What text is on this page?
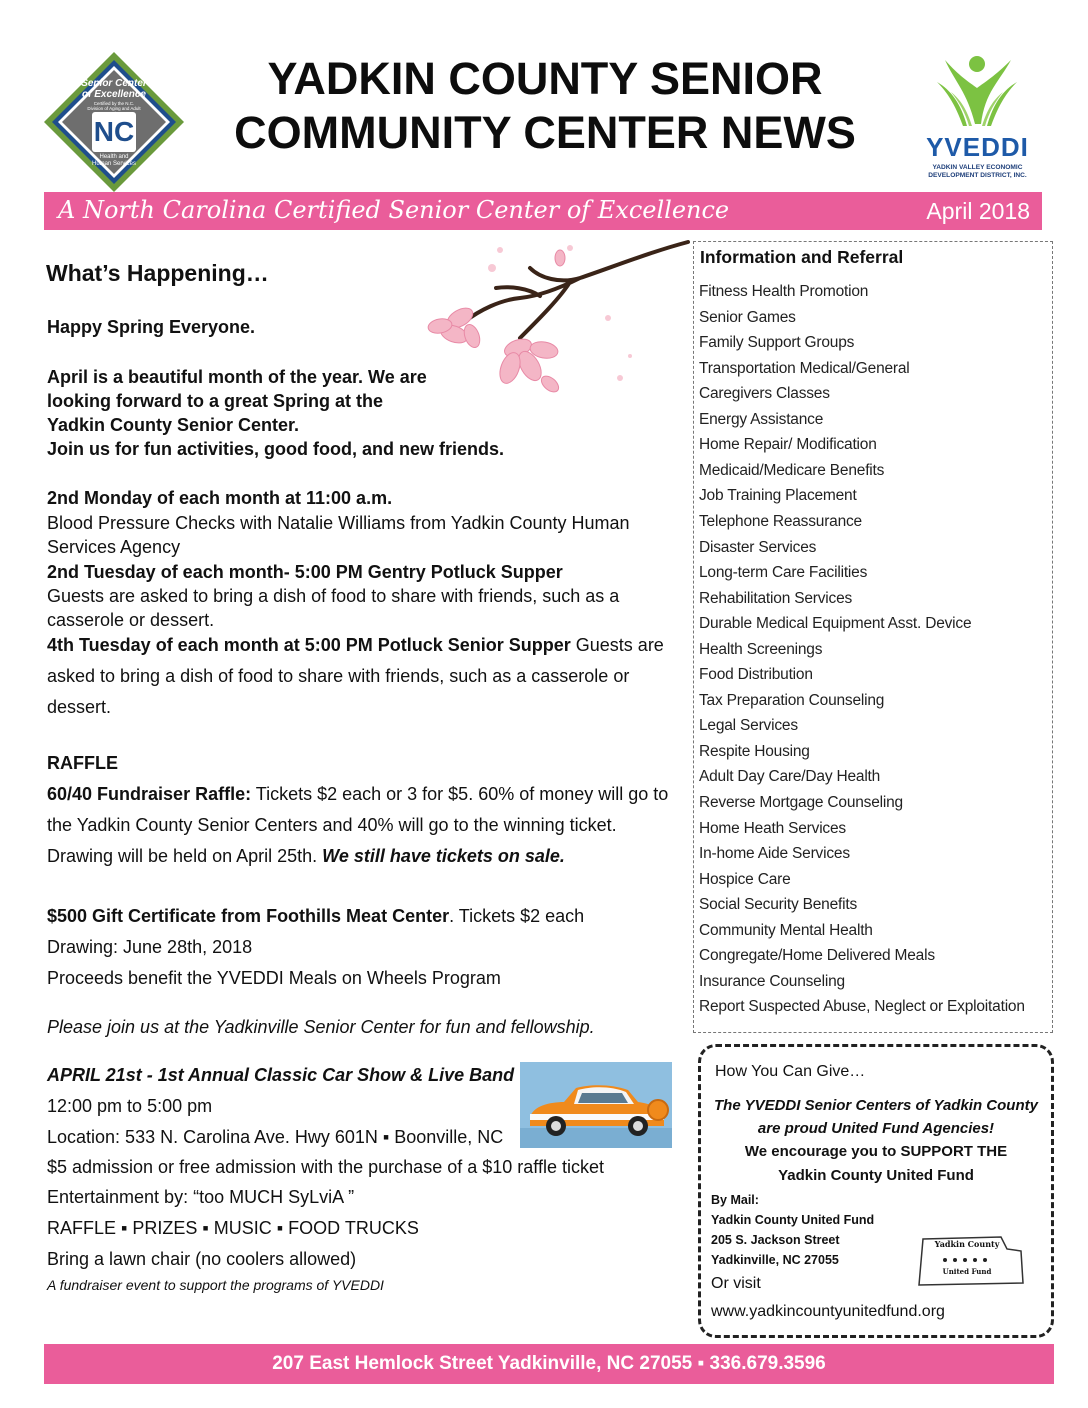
Senior Center
of Excellence
Certified by the N.C. Division of Aging and Adult
NC
Health and
Human Services
YADKIN COUNTY SENIOR
COMMUNITY CENTER NEWS	YVEDDI
YADKIN VALLEY ECONOMIC
DEVELOPMENT DISTRICT, INC.
A North Carolina Certified Senior Center of Excellence	April 2018
What’s Happening…
Happy Spring Everyone.
April is a beautiful month of the year. We are
looking forward to a great Spring at the
Yadkin County Senior Center.
Join us for fun activities, good food, and new friends.
2nd Monday of each month at 11:00 a.m.
Blood Pressure Checks with Natalie Williams from Yadkin County Human
Services Agency
2nd Tuesday of each month- 5:00 PM Gentry Potluck Supper
Guests are asked to bring a dish of food to share with friends, such as a
casserole or dessert.
4th Tuesday of each month at 5:00 PM Potluck Senior Supper Guests are
asked to bring a dish of food to share with friends, such as a casserole or
dessert.
RAFFLE
60/40 Fundraiser Raffle: Tickets $2 each or 3 for $5. 60% of money will go to
the Yadkin County Senior Centers and 40% will go to the winning ticket.
Drawing will be held on April 25th. We still have tickets on sale.
$500 Gift Certificate from Foothills Meat Center. Tickets $2 each
Drawing: June 28th, 2018
Proceeds benefit the YVEDDI Meals on Wheels Program
Please join us at the Yadkinville Senior Center for fun and fellowship.
APRIL 21st - 1st Annual Classic Car Show & Live Band
12:00 pm to 5:00 pm
Location: 533 N. Carolina Ave. Hwy 601N ▪ Boonville, NC
$5 admission or free admission with the purchase of a $10 raffle ticket
Entertainment by: “too MUCH SyLviA ”
RAFFLE ▪ PRIZES ▪ MUSIC ▪ FOOD TRUCKS
Bring a lawn chair (no coolers allowed)
A fundraiser event to support the programs of YVEDDI
Information and Referral
Fitness Health Promotion
Senior Games
Family Support Groups
Transportation Medical/General
Caregivers Classes
Energy Assistance
Home Repair/ Modification
Medicaid/Medicare Benefits
Job Training Placement
Telephone Reassurance
Disaster Services
Long-term Care Facilities
Rehabilitation Services
Durable Medical Equipment Asst. Device
Health Screenings
Food Distribution
Tax Preparation Counseling
Legal Services
Respite Housing
Adult Day Care/Day Health
Reverse Mortgage Counseling
Home Heath Services
In-home Aide Services
Hospice Care
Social Security Benefits
Community Mental Health
Congregate/Home Delivered Meals
Insurance Counseling
Report Suspected Abuse, Neglect or Exploitation
How You Can Give…
The YVEDDI Senior Centers of Yadkin County
are proud United Fund Agencies!
We encourage you to SUPPORT THE
Yadkin County United Fund
By Mail:
Yadkin County United Fund
205 S. Jackson Street
Yadkinville, NC 27055
Or visit
www.yadkincountyunitedfund.org
Yadkin County
United Fund
207 East Hemlock Street Yadkinville, NC 27055 ▪ 336.679.3596
